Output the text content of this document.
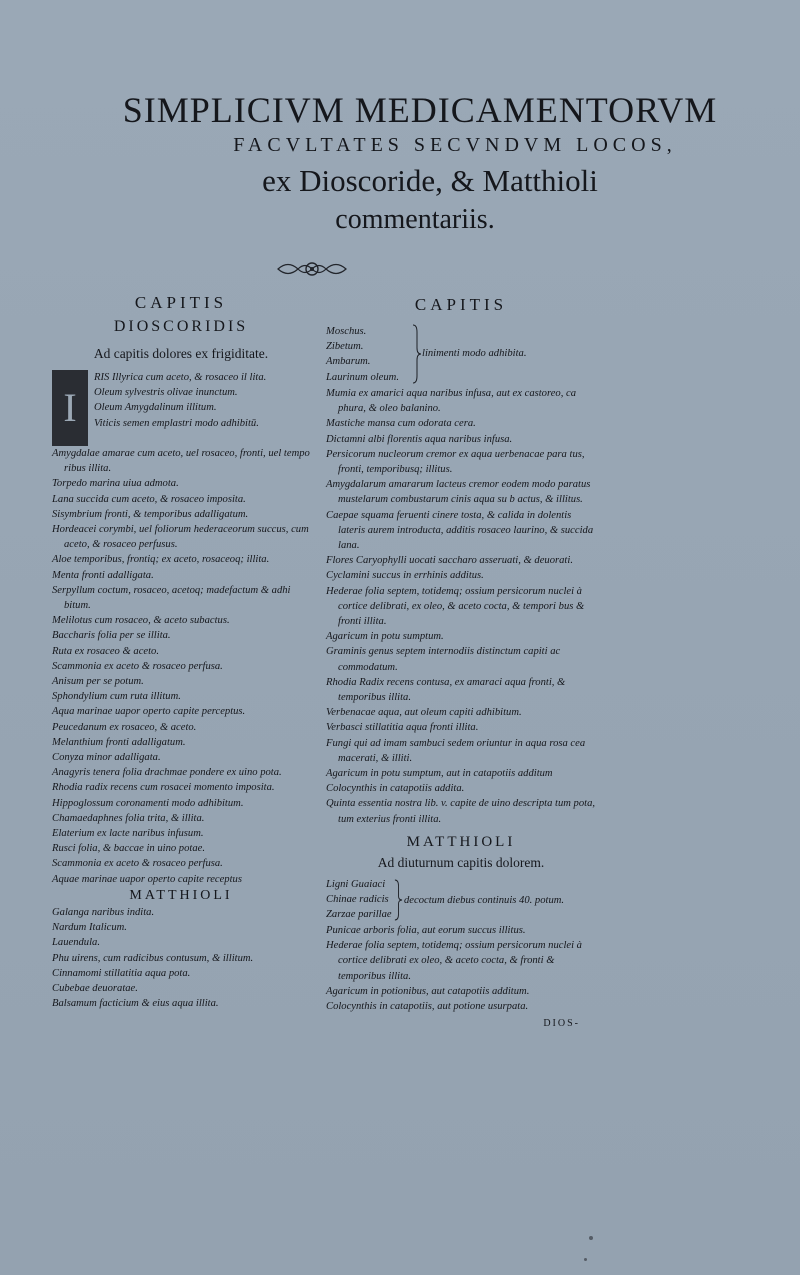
SIMPLICIVM MEDICAMENTORVM
FACVLTATES SECVNDVM LOCOS,
ex Dioscoride, & Matthioli
commentariis.
CAPITIS
DIOSCORIDIS
Ad capitis dolores ex frigiditate.
I

RIS Illyrica cum aceto, & rosaceo il lita.

Oleum sylvestris olivae inunctum.

Oleum Amygdalinum illitum.

Viticis semen emplastri modo adhibitū.

Amygdalae amarae cum aceto, uel rosaceo, fronti, uel tempo ribus illita.

Torpedo marina uiua admota.

Lana succida cum aceto, & rosaceo imposita.

Sisymbrium fronti, & temporibus adalligatum.

Hordeacei corymbi, uel foliorum hederaceorum succus, cum aceto, & rosaceo perfusus.

Aloe temporibus, frontiq; ex aceto, rosaceoq; illita.

Menta fronti adalligata.

Serpyllum coctum, rosaceo, acetoq; madefactum & adhi bitum.

Melilotus cum rosaceo, & aceto subactus.

Baccharis folia per se illita.

Ruta ex rosaceo & aceto.

Scammonia ex aceto & rosaceo perfusa.

Anisum per se potum.

Sphondylium cum ruta illitum.

Aqua marinae uapor operto capite perceptus.

Peucedanum ex rosaceo, & aceto.

Melanthium fronti adalligatum.

Conyza minor adalligata.

Anagyris tenera folia drachmae pondere ex uino pota.

Rhodia radix recens cum rosacei momento imposita.

Hippoglossum coronamenti modo adhibitum.

Chamaedaphnes folia trita, & illita.

Elaterium ex lacte naribus infusum.

Rusci folia, & baccae in uino potae.

Scammonia ex aceto & rosaceo perfusa.

Aquae marinae uapor operto capite receptus

MATTHIOLI

Galanga naribus indita.

Nardum Italicum.

Lauendula.

Phu uirens, cum radicibus contusum, & illitum.

Cinnamomi stillatitia aqua pota.

Cubebae deuoratae.

Balsamum facticium & eius aqua illita.

CAPITIS

Moschus.

Zibetum.

Ambarum.

Laurinum oleum.

linimenti modo adhibita.

Mumia ex amarici aqua naribus infusa, aut ex castoreo, ca phura, & oleo balanino.

Mastiche mansa cum odorata cera.

Dictamni albi florentis aqua naribus infusa.

Persicorum nucleorum cremor ex aqua uerbenacae para tus, fronti, temporibusq; illitus.

Amygdalarum amararum lacteus cremor eodem modo paratus mustelarum combustarum cinis aqua su b actus, & illitus.

Caepae squama feruenti cinere tosta, & calida in dolentis lateris aurem introducta, additis rosaceo laurino, & succida lana.

Flores Caryophylli uocati saccharo asseruati, & deuorati.

Cyclamini succus in errhinis additus.

Hederae folia septem, totidemq; ossium persicorum nuclei à cortice delibrati, ex oleo, & aceto cocta, & tempori bus & fronti illita.

Agaricum in potu sumptum.

Graminis genus septem internodiis distinctum capiti ac commodatum.

Rhodia Radix recens contusa, ex amaraci aqua fronti, & temporibus illita.

Verbenacae aqua, aut oleum capiti adhibitum.

Verbasci stillatitia aqua fronti illita.

Fungi qui ad imam sambuci sedem oriuntur in aqua rosa cea macerati, & illiti.

Agaricum in potu sumptum, aut in catapotiis additum

Colocynthis in catapotiis addita.

Quinta essentia nostra lib. v. capite de uino descripta tum pota, tum exterius fronti illita.

MATTHIOLI
Ad diuturnum capitis dolorem.

Ligni Guaiaci

Chinae radicis

Zarzae parillae

decoctum diebus continuis 40. potum.

Punicae arboris folia, aut eorum succus illitus.

Hederae folia septem, totidemq; ossium persicorum nuclei à cortice delibrati ex oleo, & aceto cocta, & fronti & temporibus illita.

Agaricum in potionibus, aut catapotiis additum.

Colocynthis in catapotiis, aut potione usurpata.

DIOS-
